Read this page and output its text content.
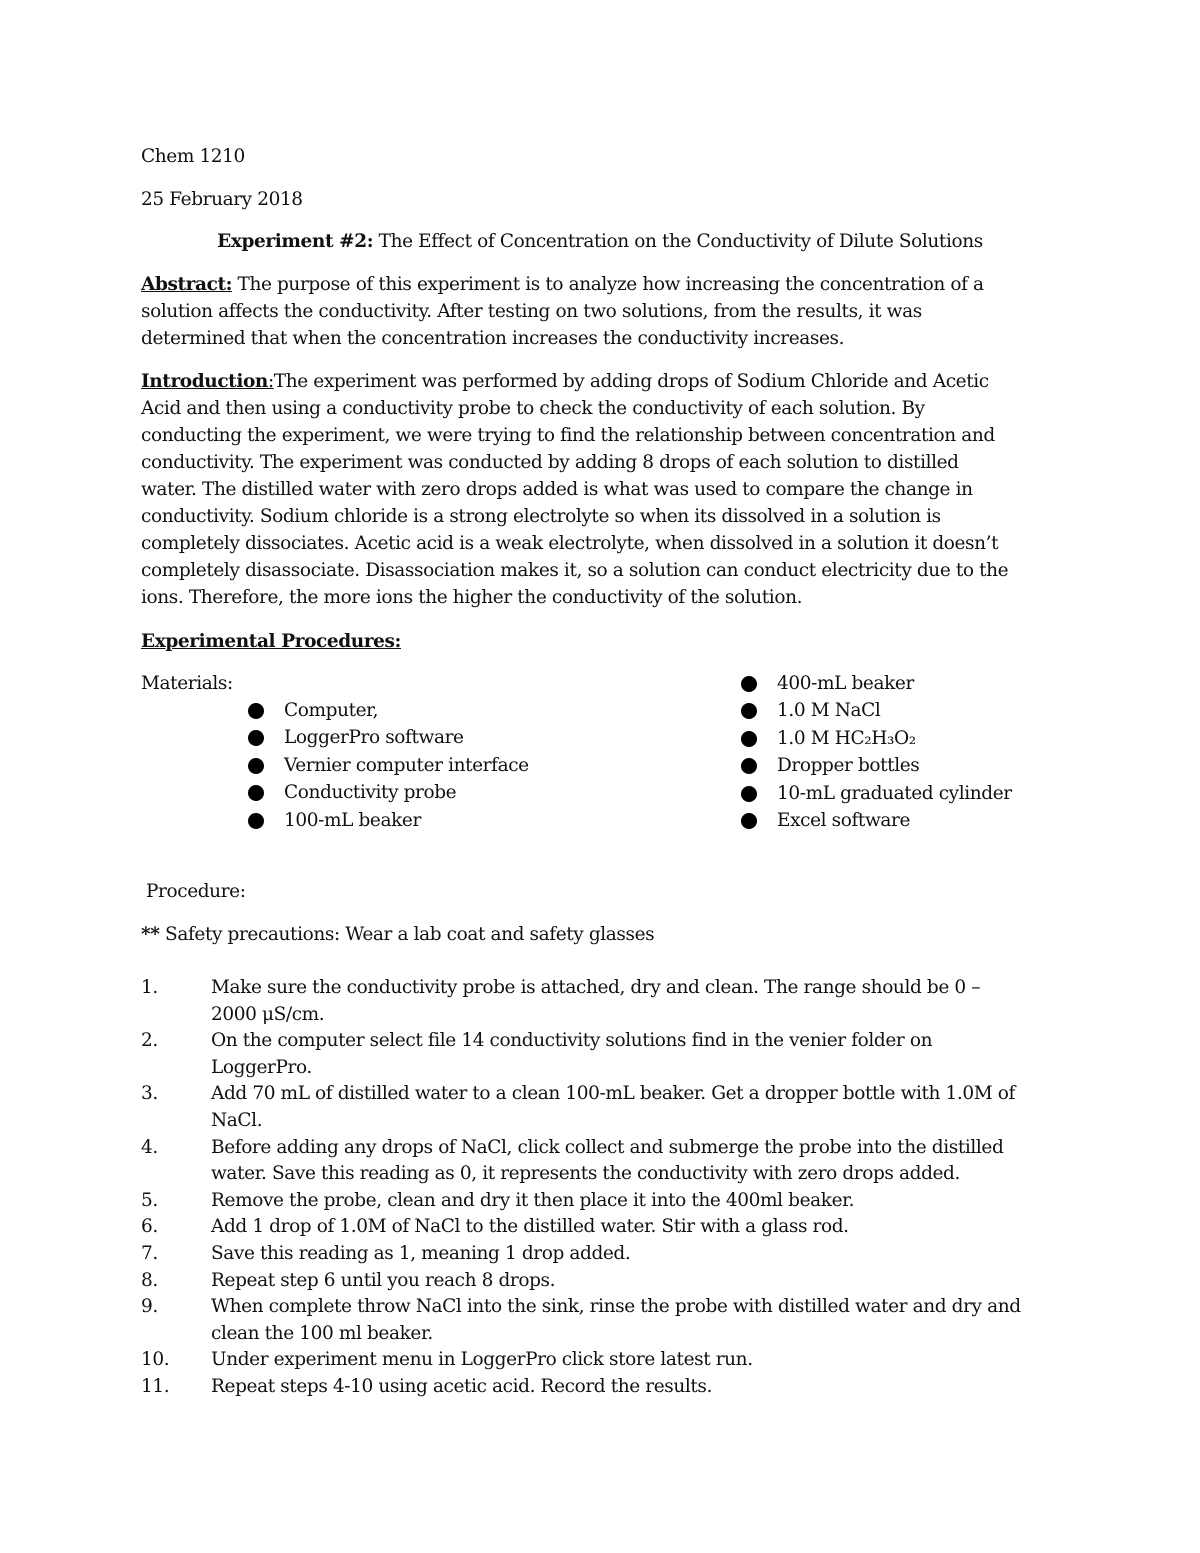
Chem 1210
25 February 2018
Experiment #2: The Effect of Concentration on the Conductivity of Dilute Solutions
Abstract: The purpose of this experiment is to analyze how increasing the concentration of a
solution affects the conductivity. After testing on two solutions, from the results, it was
determined that when the concentration increases the conductivity increases.
Introduction:The experiment was performed by adding drops of Sodium Chloride and Acetic
Acid and then using a conductivity probe to check the conductivity of each solution. By
conducting the experiment, we were trying to find the relationship between concentration and
conductivity. The experiment was conducted by adding 8 drops of each solution to distilled
water. The distilled water with zero drops added is what was used to compare the change in
conductivity. Sodium chloride is a strong electrolyte so when its dissolved in a solution is
completely dissociates. Acetic acid is a weak electrolyte, when dissolved in a solution it doesn’t
completely disassociate. Disassociation makes it, so a solution can conduct electricity due to the
ions. Therefore, the more ions the higher the conductivity of the solution.
Experimental Procedures:
Materials:
Computer,
LoggerPro software
Vernier computer interface
Conductivity probe
100-mL beaker
400-mL beaker
1.0 M NaCl
1.0 M HC₂H₃O₂
Dropper bottles
10-mL graduated cylinder
Excel software
Procedure:
** Safety precautions: Wear a lab coat and safety glasses
1.	Make sure the conductivity probe is attached, dry and clean. The range should be 0 –
2000 μS/cm.
2.	On the computer select file 14 conductivity solutions find in the venier folder on
LoggerPro.
3.	Add 70 mL of distilled water to a clean 100-mL beaker. Get a dropper bottle with 1.0M of
NaCl.
4.	Before adding any drops of NaCl, click collect and submerge the probe into the distilled
water. Save this reading as 0, it represents the conductivity with zero drops added.
5.	Remove the probe, clean and dry it then place it into the 400ml beaker.
6.	Add 1 drop of 1.0M of NaCl to the distilled water. Stir with a glass rod.
7.	Save this reading as 1, meaning 1 drop added.
8.	Repeat step 6 until you reach 8 drops.
9.	When complete throw NaCl into the sink, rinse the probe with distilled water and dry and
clean the 100 ml beaker.
10. Under experiment menu in LoggerPro click store latest run.
11. Repeat steps 4-10 using acetic acid. Record the results.
